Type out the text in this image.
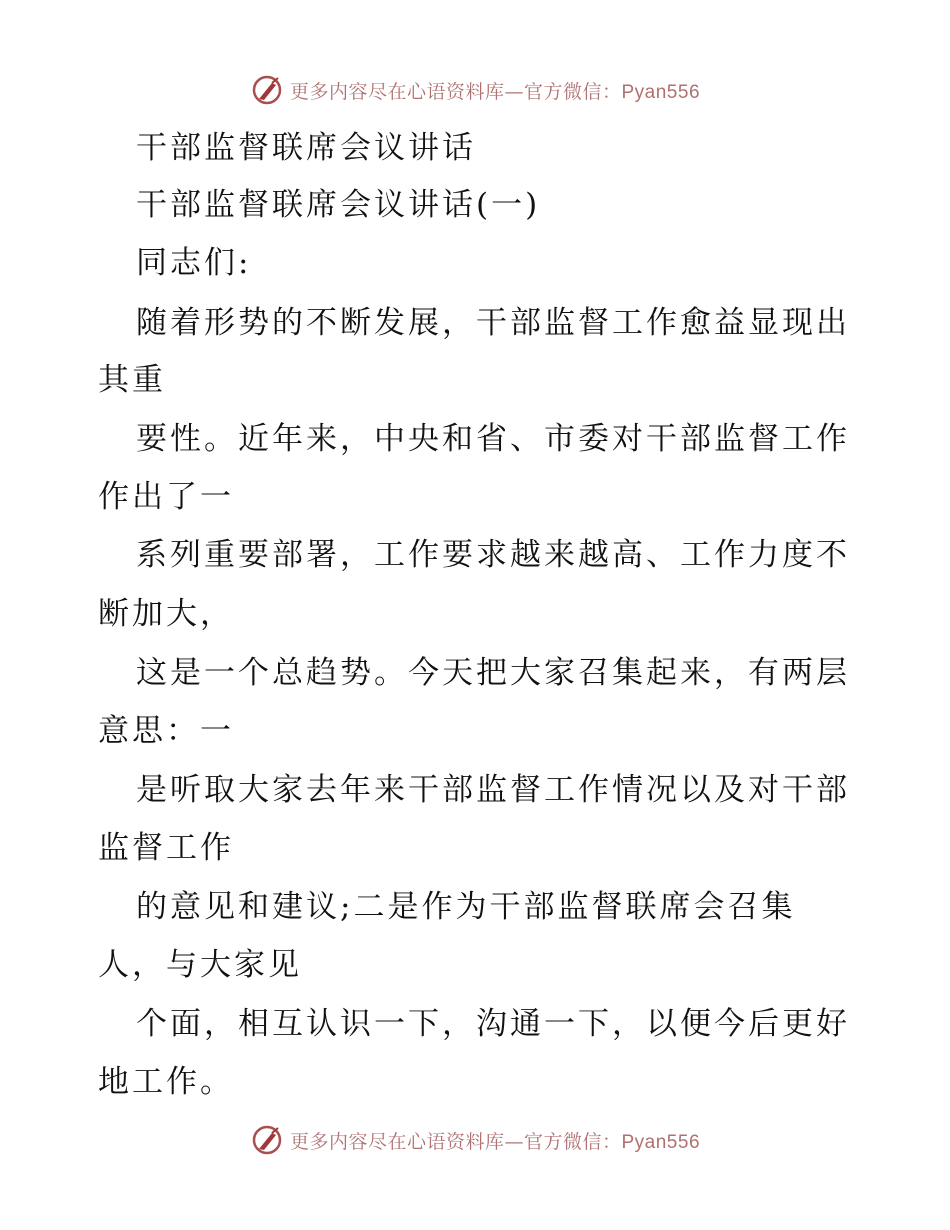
更多内容尽在心语资料库—官方微信：Pyan556
干部监督联席会议讲话
干部监督联席会议讲话(一)
同志们:
随着形势的不断发展，干部监督工作愈益显现出
其重
要性。近年来，中央和省、市委对干部监督工作
作出了一
系列重要部署，工作要求越来越高、工作力度不
断加大，
这是一个总趋势。今天把大家召集起来，有两层
意思：一
是听取大家去年来干部监督工作情况以及对干部
监督工作
的意见和建议;二是作为干部监督联席会召集
人，与大家见
个面，相互认识一下，沟通一下，以便今后更好
地工作。
更多内容尽在心语资料库—官方微信：Pyan556
